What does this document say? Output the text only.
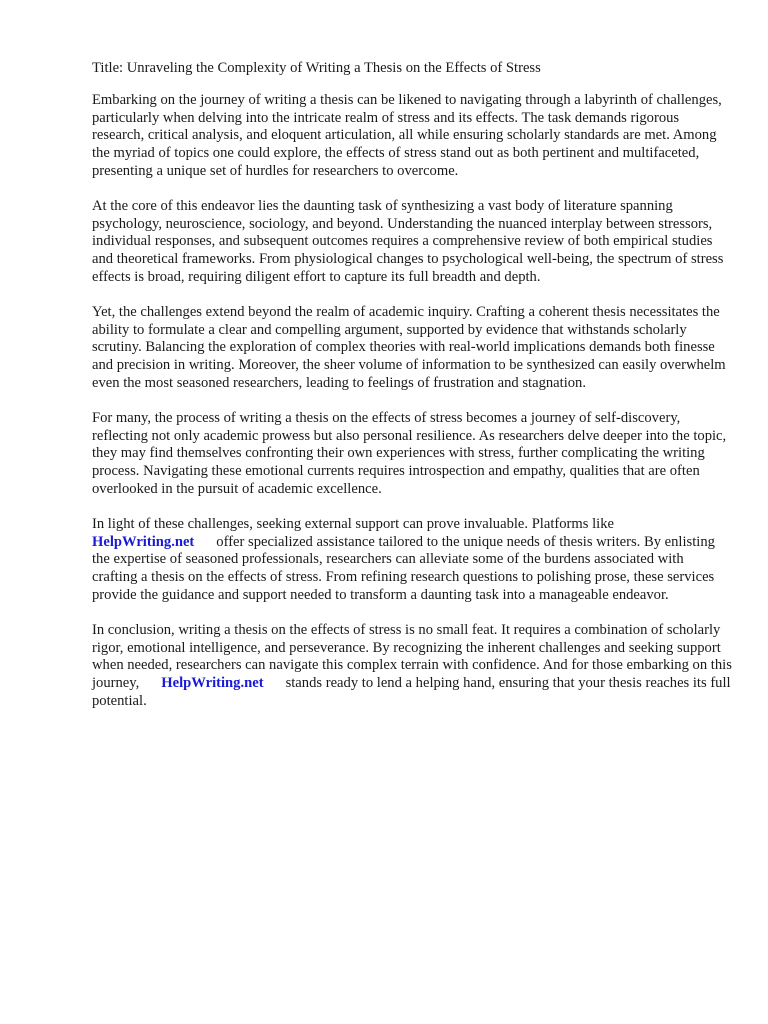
Title: Unraveling the Complexity of Writing a Thesis on the Effects of Stress

Embarking on the journey of writing a thesis can be likened to navigating through a labyrinth of challenges, particularly when delving into the intricate realm of stress and its effects. The task demands rigorous research, critical analysis, and eloquent articulation, all while ensuring scholarly standards are met. Among the myriad of topics one could explore, the effects of stress stand out as both pertinent and multifaceted, presenting a unique set of hurdles for researchers to overcome.

At the core of this endeavor lies the daunting task of synthesizing a vast body of literature spanning psychology, neuroscience, sociology, and beyond. Understanding the nuanced interplay between stressors, individual responses, and subsequent outcomes requires a comprehensive review of both empirical studies and theoretical frameworks. From physiological changes to psychological well-being, the spectrum of stress effects is broad, requiring diligent effort to capture its full breadth and depth.

Yet, the challenges extend beyond the realm of academic inquiry. Crafting a coherent thesis necessitates the ability to formulate a clear and compelling argument, supported by evidence that withstands scholarly scrutiny. Balancing the exploration of complex theories with real-world implications demands both finesse and precision in writing. Moreover, the sheer volume of information to be synthesized can easily overwhelm even the most seasoned researchers, leading to feelings of frustration and stagnation.

For many, the process of writing a thesis on the effects of stress becomes a journey of self-discovery, reflecting not only academic prowess but also personal resilience. As researchers delve deeper into the topic, they may find themselves confronting their own experiences with stress, further complicating the writing process. Navigating these emotional currents requires introspection and empathy, qualities that are often overlooked in the pursuit of academic excellence.

In light of these challenges, seeking external support can prove invaluable. Platforms like
HelpWriting.net offer specialized assistance tailored to the unique needs of thesis writers. By enlisting the expertise of seasoned professionals, researchers can alleviate some of the burdens associated with crafting a thesis on the effects of stress. From refining research questions to polishing prose, these services provide the guidance and support needed to transform a daunting task into a manageable endeavor.

In conclusion, writing a thesis on the effects of stress is no small feat. It requires a combination of scholarly rigor, emotional intelligence, and perseverance. By recognizing the inherent challenges and seeking support when needed, researchers can navigate this complex terrain with confidence. And for those embarking on this journey, HelpWriting.net stands ready to lend a helping hand, ensuring that your thesis reaches its full potential.
